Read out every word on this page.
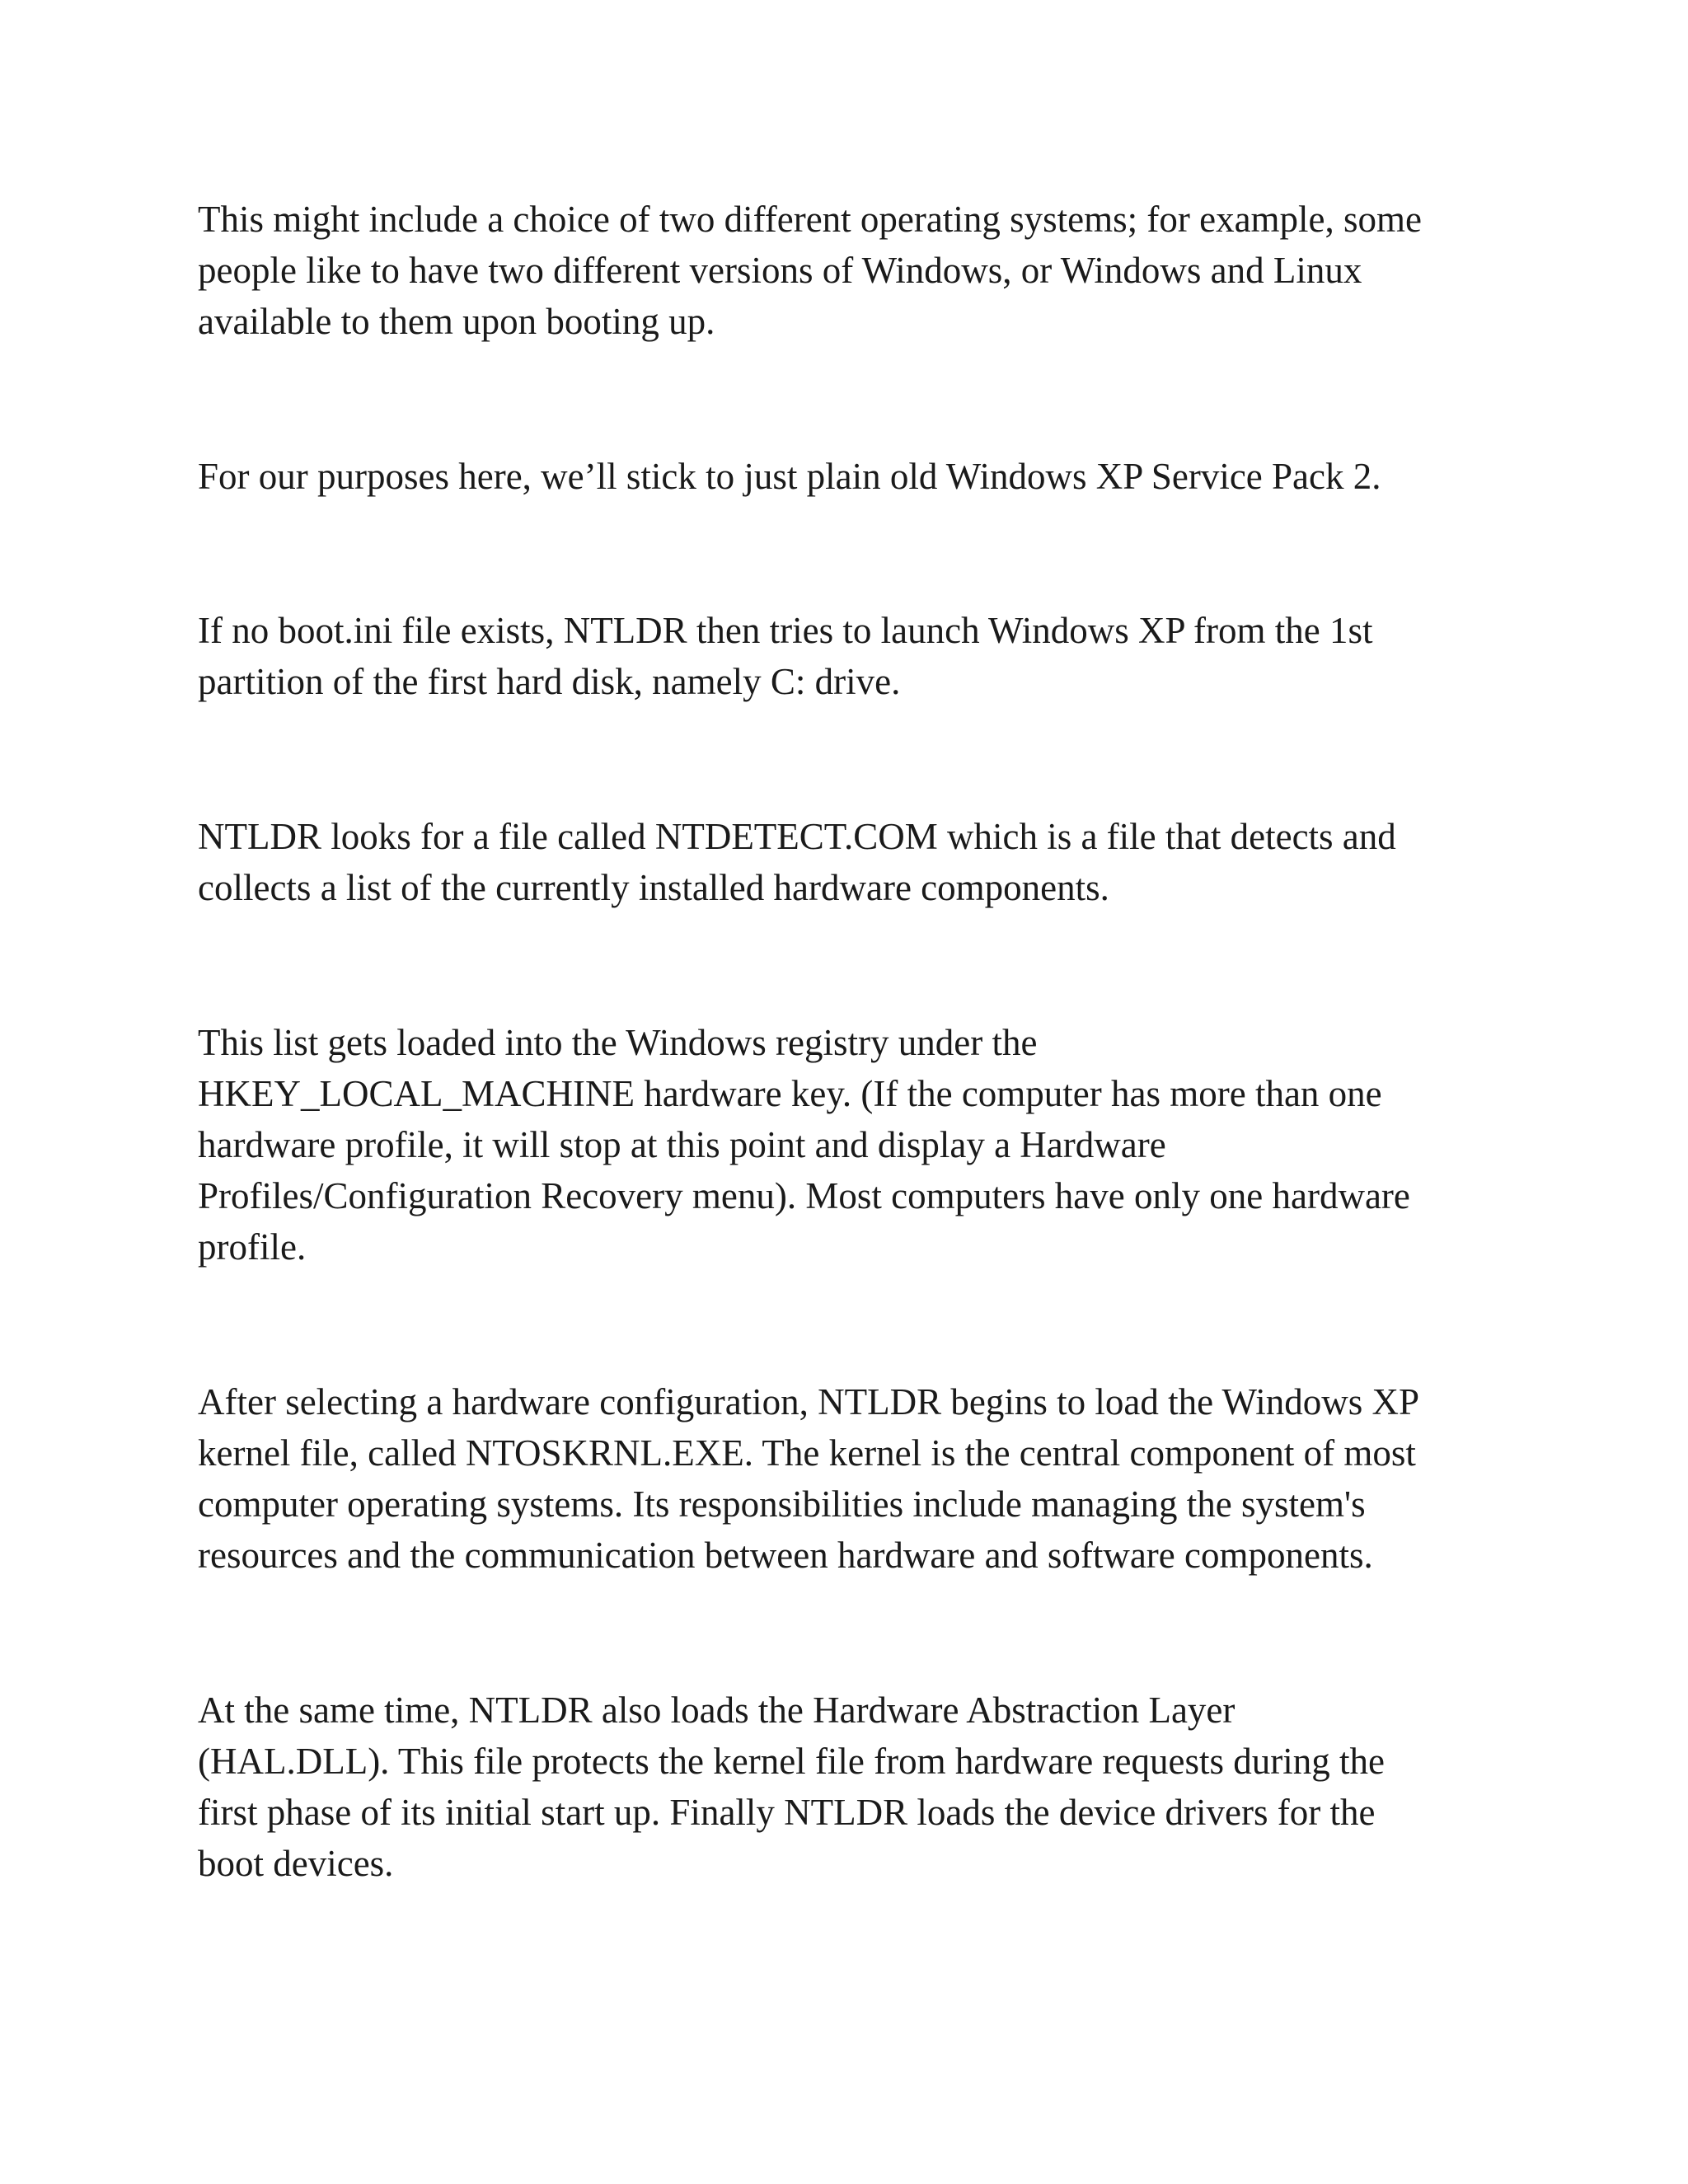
This might include a choice of two different operating systems; for example, some
people like to have two different versions of Windows, or Windows and Linux
available to them upon booting up.

For our purposes here, we’ll stick to just plain old Windows XP Service Pack 2.

If no boot.ini file exists, NTLDR then tries to launch Windows XP from the 1st
partition of the first hard disk, namely C: drive.

NTLDR looks for a file called NTDETECT.COM which is a file that detects and
collects a list of the currently installed hardware components.

This list gets loaded into the Windows registry under the
HKEY_LOCAL_MACHINE hardware key. (If the computer has more than one
hardware profile, it will stop at this point and display a Hardware
Profiles/Configuration Recovery menu). Most computers have only one hardware
profile.

After selecting a hardware configuration, NTLDR begins to load the Windows XP
kernel file, called NTOSKRNL.EXE. The kernel is the central component of most
computer operating systems. Its responsibilities include managing the system's
resources and the communication between hardware and software components.

At the same time, NTLDR also loads the Hardware Abstraction Layer
(HAL.DLL). This file protects the kernel file from hardware requests during the
first phase of its initial start up. Finally NTLDR loads the device drivers for the
boot devices.
